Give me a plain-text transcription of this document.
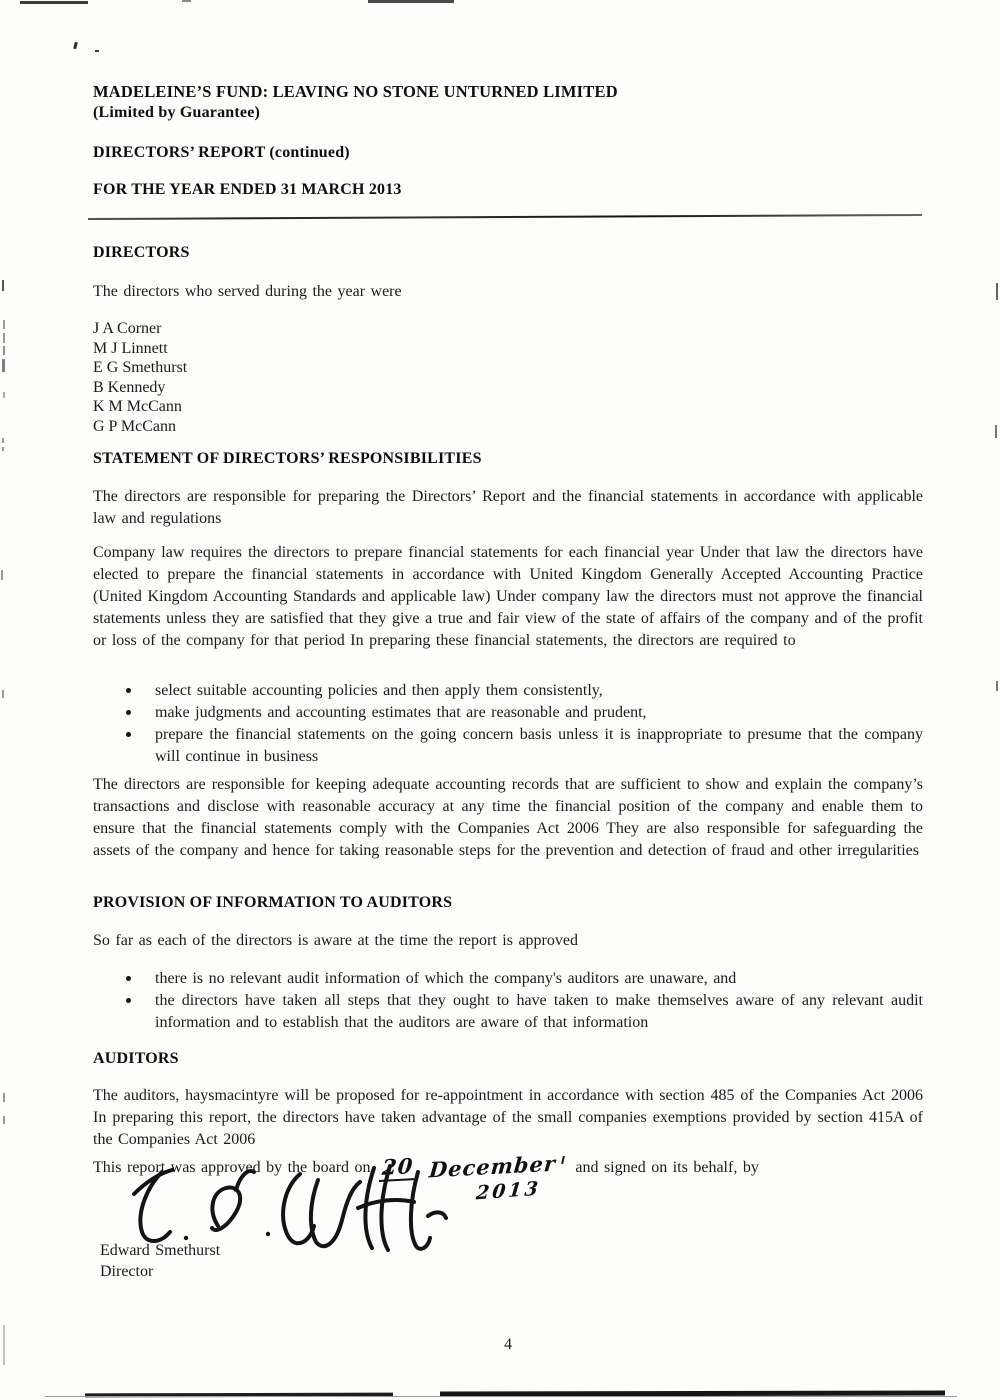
MADELEINE’S FUND: LEAVING NO STONE UNTURNED LIMITED
(Limited by Guarantee)
DIRECTORS’ REPORT (continued)
FOR THE YEAR ENDED 31 MARCH 2013
DIRECTORS
The directors who served during the year were
J A Corner
M J Linnett
E G Smethurst
B Kennedy
K M McCann
G P McCann
STATEMENT OF DIRECTORS’ RESPONSIBILITIES
The directors are responsible for preparing the Directors’ Report and the financial statements in accordance with applicable law and regulations
Company law requires the directors to prepare financial statements for each financial year Under that law the directors have elected to prepare the financial statements in accordance with United Kingdom Generally Accepted Accounting Practice (United Kingdom Accounting Standards and applicable law) Under company law the directors must not approve the financial statements unless they are satisfied that they give a true and fair view of the state of affairs of the company and of the profit or loss of the company for that period In preparing these financial statements, the directors are required to
select suitable accounting policies and then apply them consistently,
make judgments and accounting estimates that are reasonable and prudent,
prepare the financial statements on the going concern basis unless it is inappropriate to presume that the company will continue in business
The directors are responsible for keeping adequate accounting records that are sufficient to show and explain the company’s transactions and disclose with reasonable accuracy at any time the financial position of the company and enable them to ensure that the financial statements comply with the Companies Act 2006 They are also responsible for safeguarding the assets of the company and hence for taking reasonable steps for the prevention and detection of fraud and other irregularities
PROVISION OF INFORMATION TO AUDITORS
So far as each of the directors is aware at the time the report is approved
there is no relevant audit information of which the company's auditors are unaware, and
the directors have taken all steps that they ought to have taken to make themselves aware of any relevant audit information and to establish that the auditors are aware of that information
AUDITORS
The auditors, haysmacintyre will be proposed for re-appointment in accordance with section 485 of the Companies Act 2006 In preparing this report, the directors have taken advantage of the small companies exemptions provided by section 415A of the Companies Act 2006
This report was approved by the board on 20 December and signed on its behalf, by
2013
Edward Smethurst
Director
4
